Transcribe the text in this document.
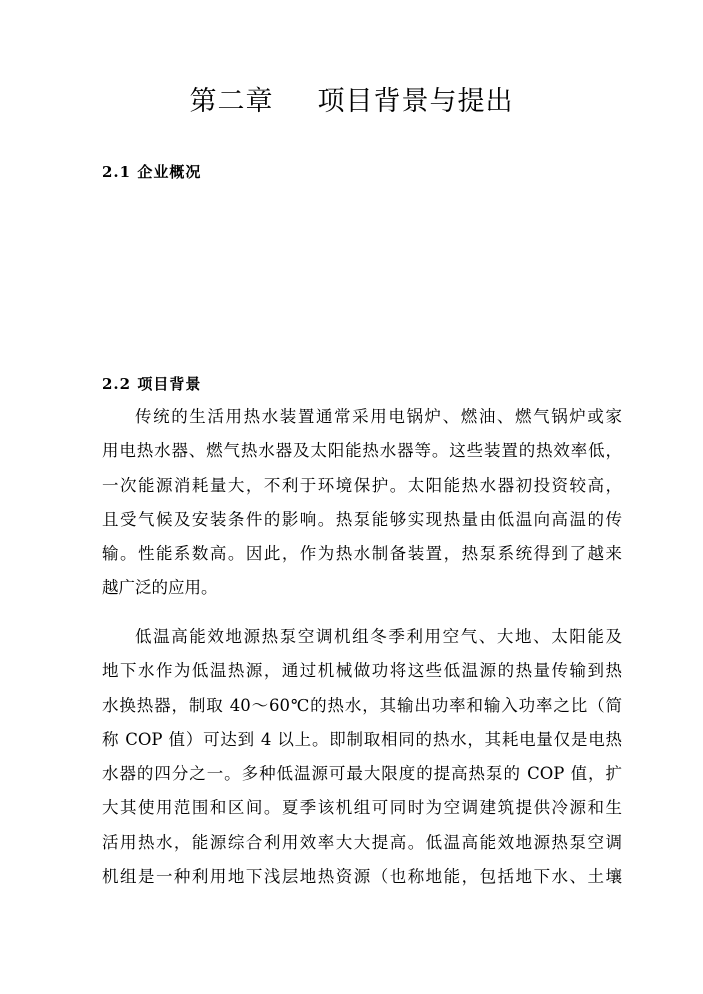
第二章 项目背景与提出
2.1 企业概况
2.2 项目背景
传统的生活用热水装置通常采用电锅炉、燃油、燃气锅炉或家
用电热水器、燃气热水器及太阳能热水器等。这些装置的热效率低，
一次能源消耗量大，不利于环境保护。太阳能热水器初投资较高，
且受气候及安装条件的影响。热泵能够实现热量由低温向高温的传
输。性能系数高。因此，作为热水制备装置，热泵系统得到了越来
越广泛的应用。
低温高能效地源热泵空调机组冬季利用空气、大地、太阳能及
地下水作为低温热源，通过机械做功将这些低温源的热量传输到热
水换热器，制取 40～60℃的热水，其输出功率和输入功率之比（简
称 COP 值）可达到 4 以上。即制取相同的热水，其耗电量仅是电热
水器的四分之一。多种低温源可最大限度的提高热泵的 COP 值，扩
大其使用范围和区间。夏季该机组可同时为空调建筑提供冷源和生
活用热水，能源综合利用效率大大提高。低温高能效地源热泵空调
机组是一种利用地下浅层地热资源（也称地能，包括地下水、土壤
